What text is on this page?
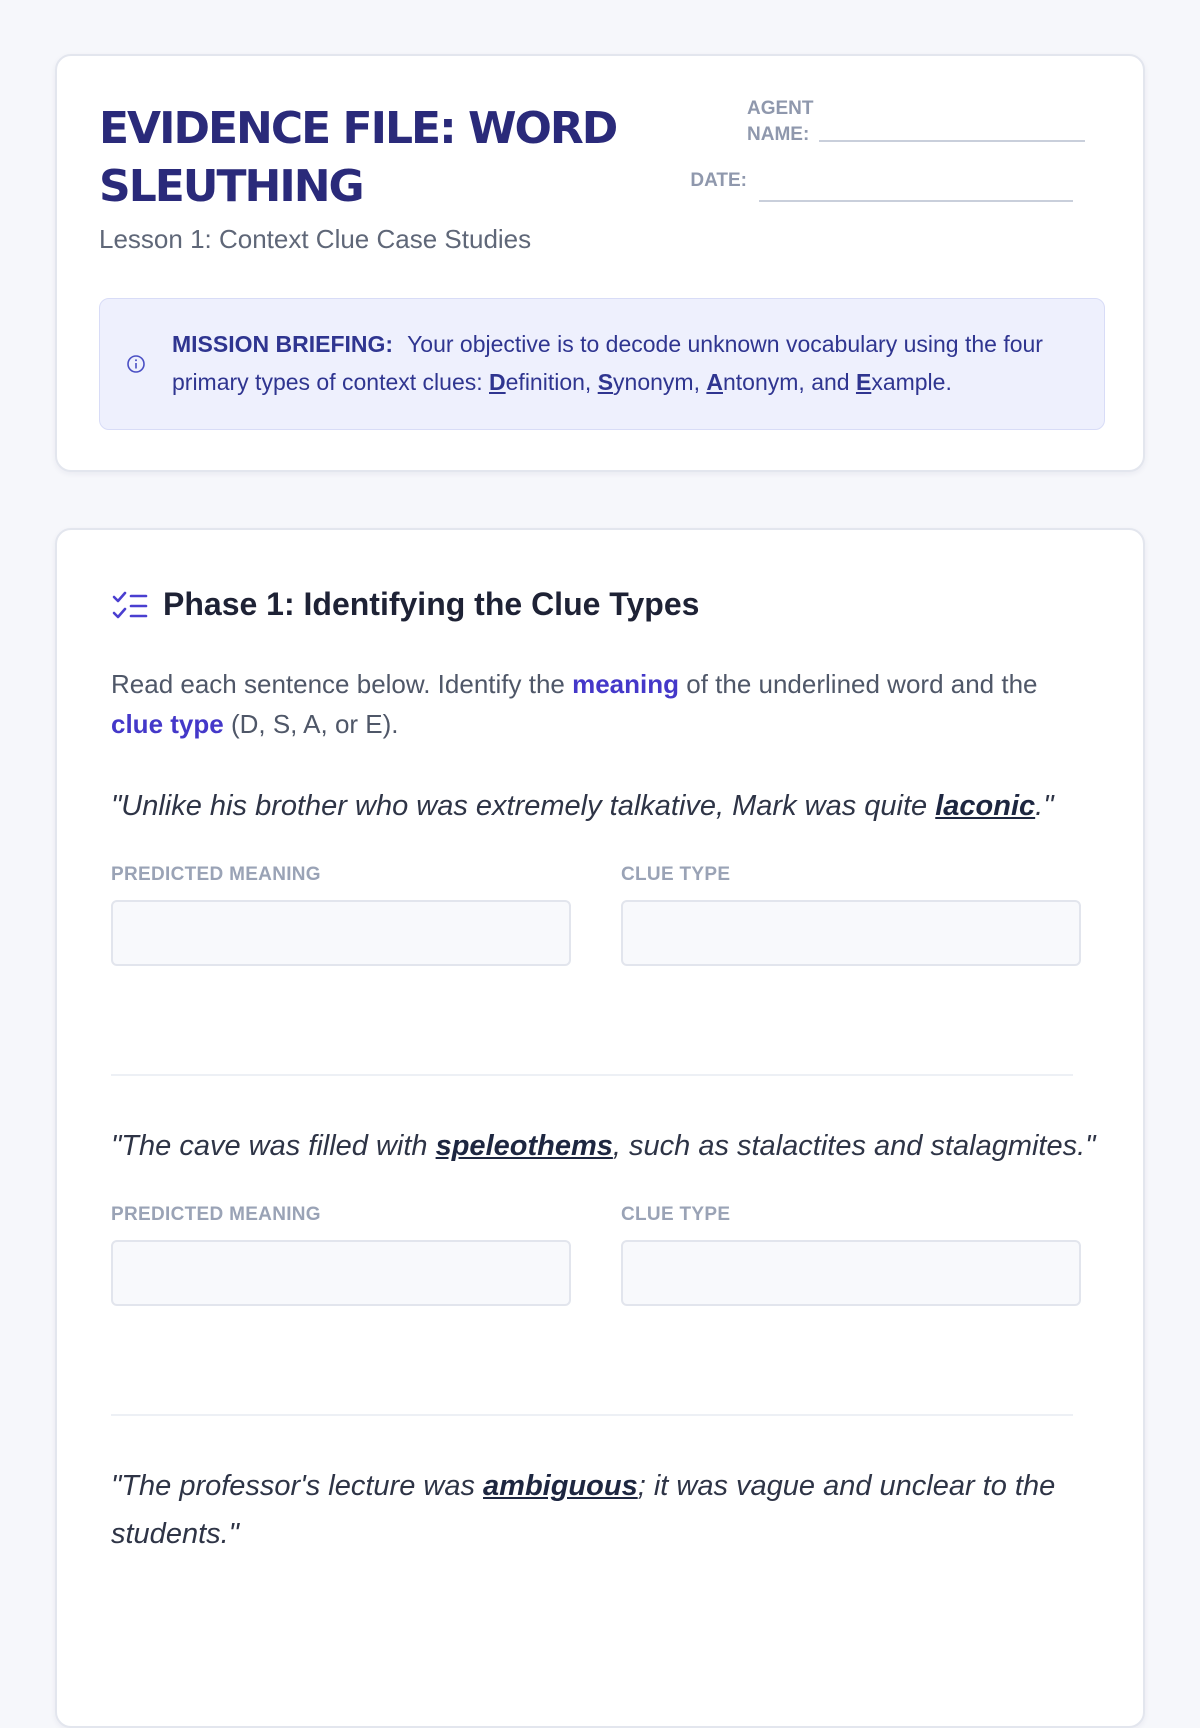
EVIDENCE FILE: WORD SLEUTHING
Lesson 1: Context Clue Case Studies
AGENT
NAME:
DATE:
MISSION BRIEFING: Your objective is to decode unknown vocabulary using the four primary types of context clues: Definition, Synonym, Antonym, and Example.
Phase 1: Identifying the Clue Types
Read each sentence below. Identify the meaning of the underlined word and the clue type (D, S, A, or E).
"Unlike his brother who was extremely talkative, Mark was quite laconic."
PREDICTED MEANING	CLUE TYPE
"The cave was filled with speleothems, such as stalactites and stalagmites."
PREDICTED MEANING	CLUE TYPE
"The professor's lecture was ambiguous; it was vague and unclear to the students."
